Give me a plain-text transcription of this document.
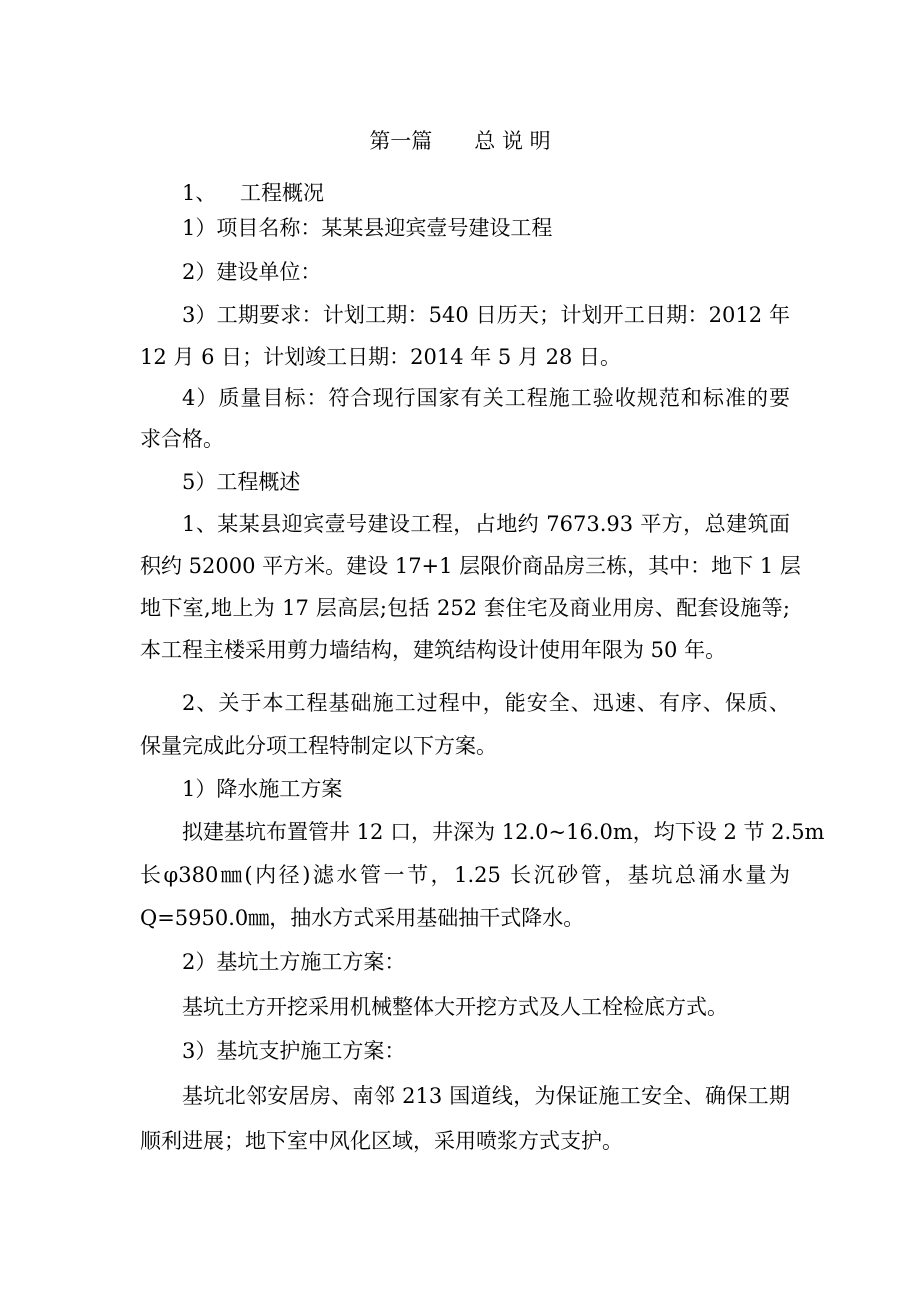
第一篇　　总 说 明
1、 工程概况
1）项目名称：某某县迎宾壹号建设工程
2）建设单位：
3）工期要求：计划工期：540 日历天；计划开工日期：2012 年
12 月 6 日；计划竣工日期：2014 年 5 月 28 日。
4）质量目标：符合现行国家有关工程施工验收规范和标准的要
求合格。
5）工程概述
1、某某县迎宾壹号建设工程，占地约 7673.93 平方，总建筑面
积约 52000 平方米。建设 17+1 层限价商品房三栋，其中：地下 1 层
地下室,地上为 17 层高层;包括 252 套住宅及商业用房、配套设施等;
本工程主楼采用剪力墙结构，建筑结构设计使用年限为 50 年。
2、关于本工程基础施工过程中，能安全、迅速、有序、保质、
保量完成此分项工程特制定以下方案。
1）降水施工方案
拟建基坑布置管井 12 口，井深为 12.0~16.0m，均下设 2 节 2.5m
长φ380㎜(内径)滤水管一节，1.25 长沉砂管，基坑总涌水量为
Q=5950.0㎜，抽水方式采用基础抽干式降水。
2）基坑土方施工方案：
基坑土方开挖采用机械整体大开挖方式及人工栓检底方式。
3）基坑支护施工方案：
基坑北邻安居房、南邻 213 国道线，为保证施工安全、确保工期
顺利进展；地下室中风化区域，采用喷浆方式支护。
